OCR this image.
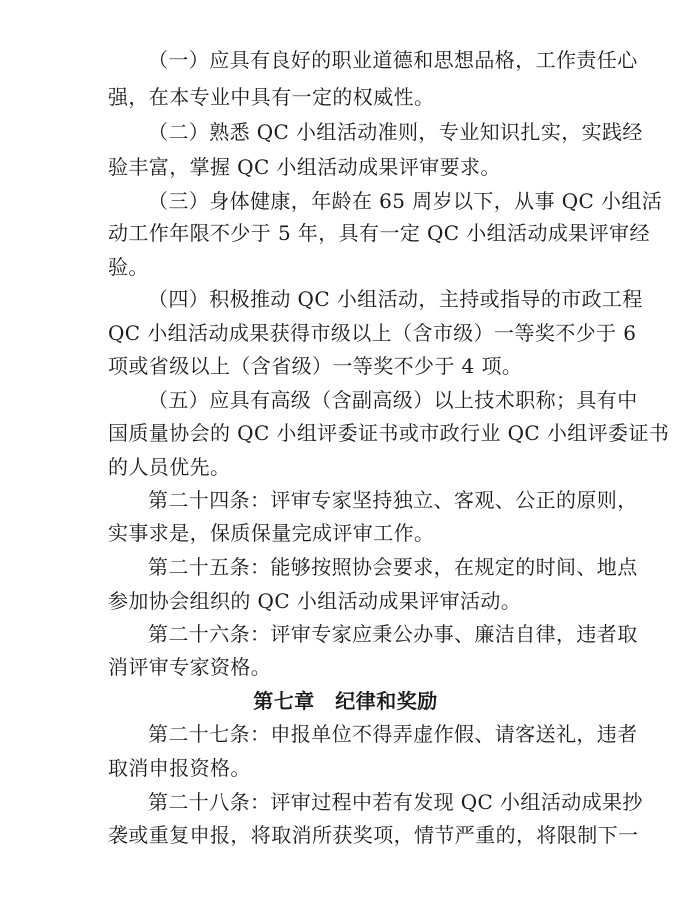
（一）应具有良好的职业道德和思想品格，工作责任心
强，在本专业中具有一定的权威性。
（二）熟悉 QC 小组活动准则，专业知识扎实，实践经
验丰富，掌握 QC 小组活动成果评审要求。
（三）身体健康，年龄在 65 周岁以下，从事 QC 小组活
动工作年限不少于 5 年，具有一定 QC 小组活动成果评审经
验。
（四）积极推动 QC 小组活动，主持或指导的市政工程
QC 小组活动成果获得市级以上（含市级）一等奖不少于 6
项或省级以上（含省级）一等奖不少于 4 项。
（五）应具有高级（含副高级）以上技术职称；具有中
国质量协会的 QC 小组评委证书或市政行业 QC 小组评委证书
的人员优先。
第二十四条：评审专家坚持独立、客观、公正的原则，
实事求是，保质保量完成评审工作。
第二十五条：能够按照协会要求，在规定的时间、地点
参加协会组织的 QC 小组活动成果评审活动。
第二十六条：评审专家应秉公办事、廉洁自律，违者取
消评审专家资格。
第七章　纪律和奖励
第二十七条：申报单位不得弄虚作假、请客送礼，违者
取消申报资格。
第二十八条：评审过程中若有发现 QC 小组活动成果抄
袭或重复申报，将取消所获奖项，情节严重的，将限制下一
